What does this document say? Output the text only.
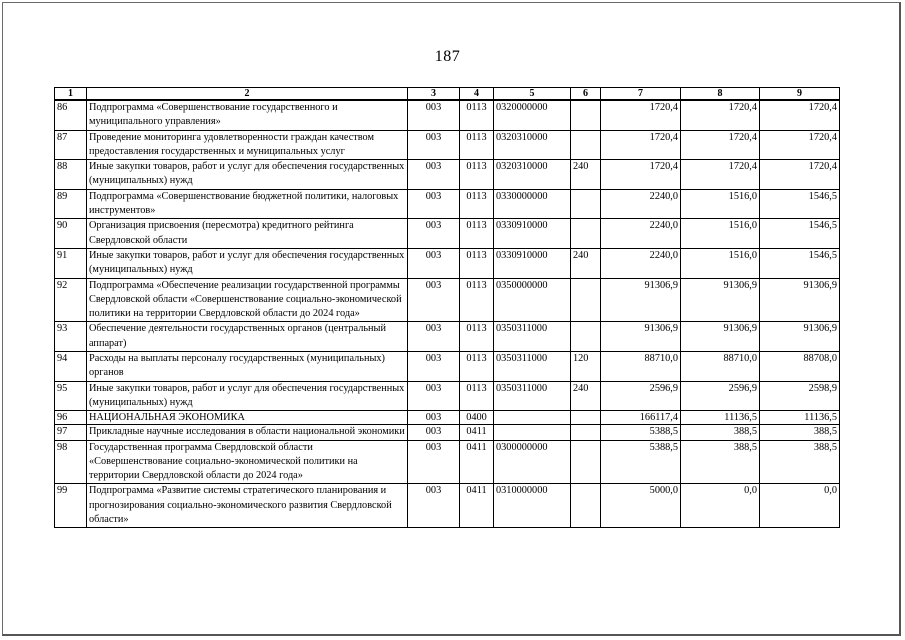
187
1	2	3	4	5	6	7	8	9
86	Подпрограмма «Совершенствование государственного и муниципального управления»	003	0113	0320000000		1720,4	1720,4	1720,4
87	Проведение мониторинга удовлетворенности граждан качеством предоставления государственных и муниципальных услуг	003	0113	0320310000		1720,4	1720,4	1720,4
88	Иные закупки товаров, работ и услуг для обеспечения государственных (муниципальных) нужд	003	0113	0320310000	240	1720,4	1720,4	1720,4
89	Подпрограмма «Совершенствование бюджетной политики, налоговых инструментов»	003	0113	0330000000		2240,0	1516,0	1546,5
90	Организация присвоения (пересмотра) кредитного рейтинга Свердловской области	003	0113	0330910000		2240,0	1516,0	1546,5
91	Иные закупки товаров, работ и услуг для обеспечения государственных (муниципальных) нужд	003	0113	0330910000	240	2240,0	1516,0	1546,5
92	Подпрограмма «Обеспечение реализации государственной программы Свердловской области «Совершенствование социально-экономической политики на территории Свердловской области до 2024 года»	003	0113	0350000000		91306,9	91306,9	91306,9
93	Обеспечение деятельности государственных органов (центральный аппарат)	003	0113	0350311000		91306,9	91306,9	91306,9
94	Расходы на выплаты персоналу государственных (муниципальных) органов	003	0113	0350311000	120	88710,0	88710,0	88708,0
95	Иные закупки товаров, работ и услуг для обеспечения государственных (муниципальных) нужд	003	0113	0350311000	240	2596,9	2596,9	2598,9
96	НАЦИОНАЛЬНАЯ ЭКОНОМИКА	003	0400			166117,4	11136,5	11136,5
97	Прикладные научные исследования в области национальной экономики	003	0411			5388,5	388,5	388,5
98	Государственная программа Свердловской области «Совершенствование социально-экономической политики на территории Свердловской области до 2024 года»	003	0411	0300000000		5388,5	388,5	388,5
99	Подпрограмма «Развитие системы стратегического планирования и прогнозирования социально-экономического развития Свердловской области»	003	0411	0310000000		5000,0	0,0	0,0
